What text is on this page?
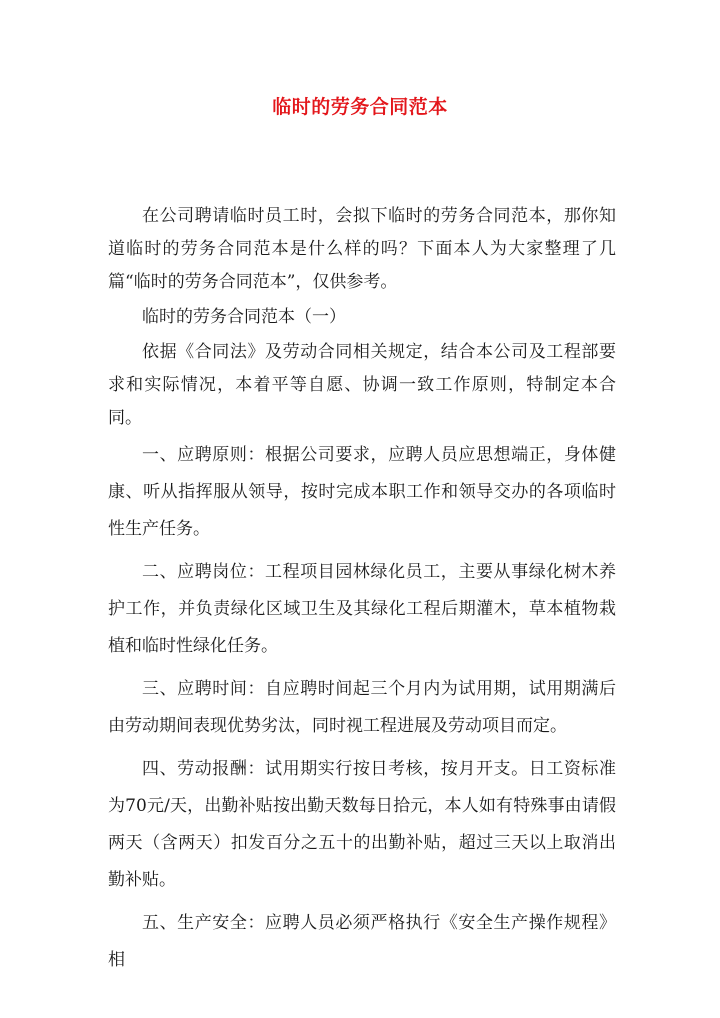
临时的劳务合同范本

在公司聘请临时员工时，会拟下临时的劳务合同范本，那你知道临时的劳务合同范本是什么样的吗？下面本人为大家整理了几篇“临时的劳务合同范本”，仅供参考。

临时的劳务合同范本（一）

依据《合同法》及劳动合同相关规定，结合本公司及工程部要求和实际情况，本着平等自愿、协调一致工作原则，特制定本合同。

一、应聘原则：根据公司要求，应聘人员应思想端正，身体健康、听从指挥服从领导，按时完成本职工作和领导交办的各项临时性生产任务。

二、应聘岗位：工程项目园林绿化员工，主要从事绿化树木养护工作，并负责绿化区域卫生及其绿化工程后期灌木，草本植物栽植和临时性绿化任务。

三、应聘时间：自应聘时间起三个月内为试用期，试用期满后由劳动期间表现优势劣汰，同时视工程进展及劳动项目而定。

四、劳动报酬：试用期实行按日考核，按月开支。日工资标准为70元/天，出勤补贴按出勤天数每日拾元，本人如有特殊事由请假两天（含两天）扣发百分之五十的出勤补贴，超过三天以上取消出勤补贴。

五、生产安全：应聘人员必须严格执行《安全生产操作规程》相
